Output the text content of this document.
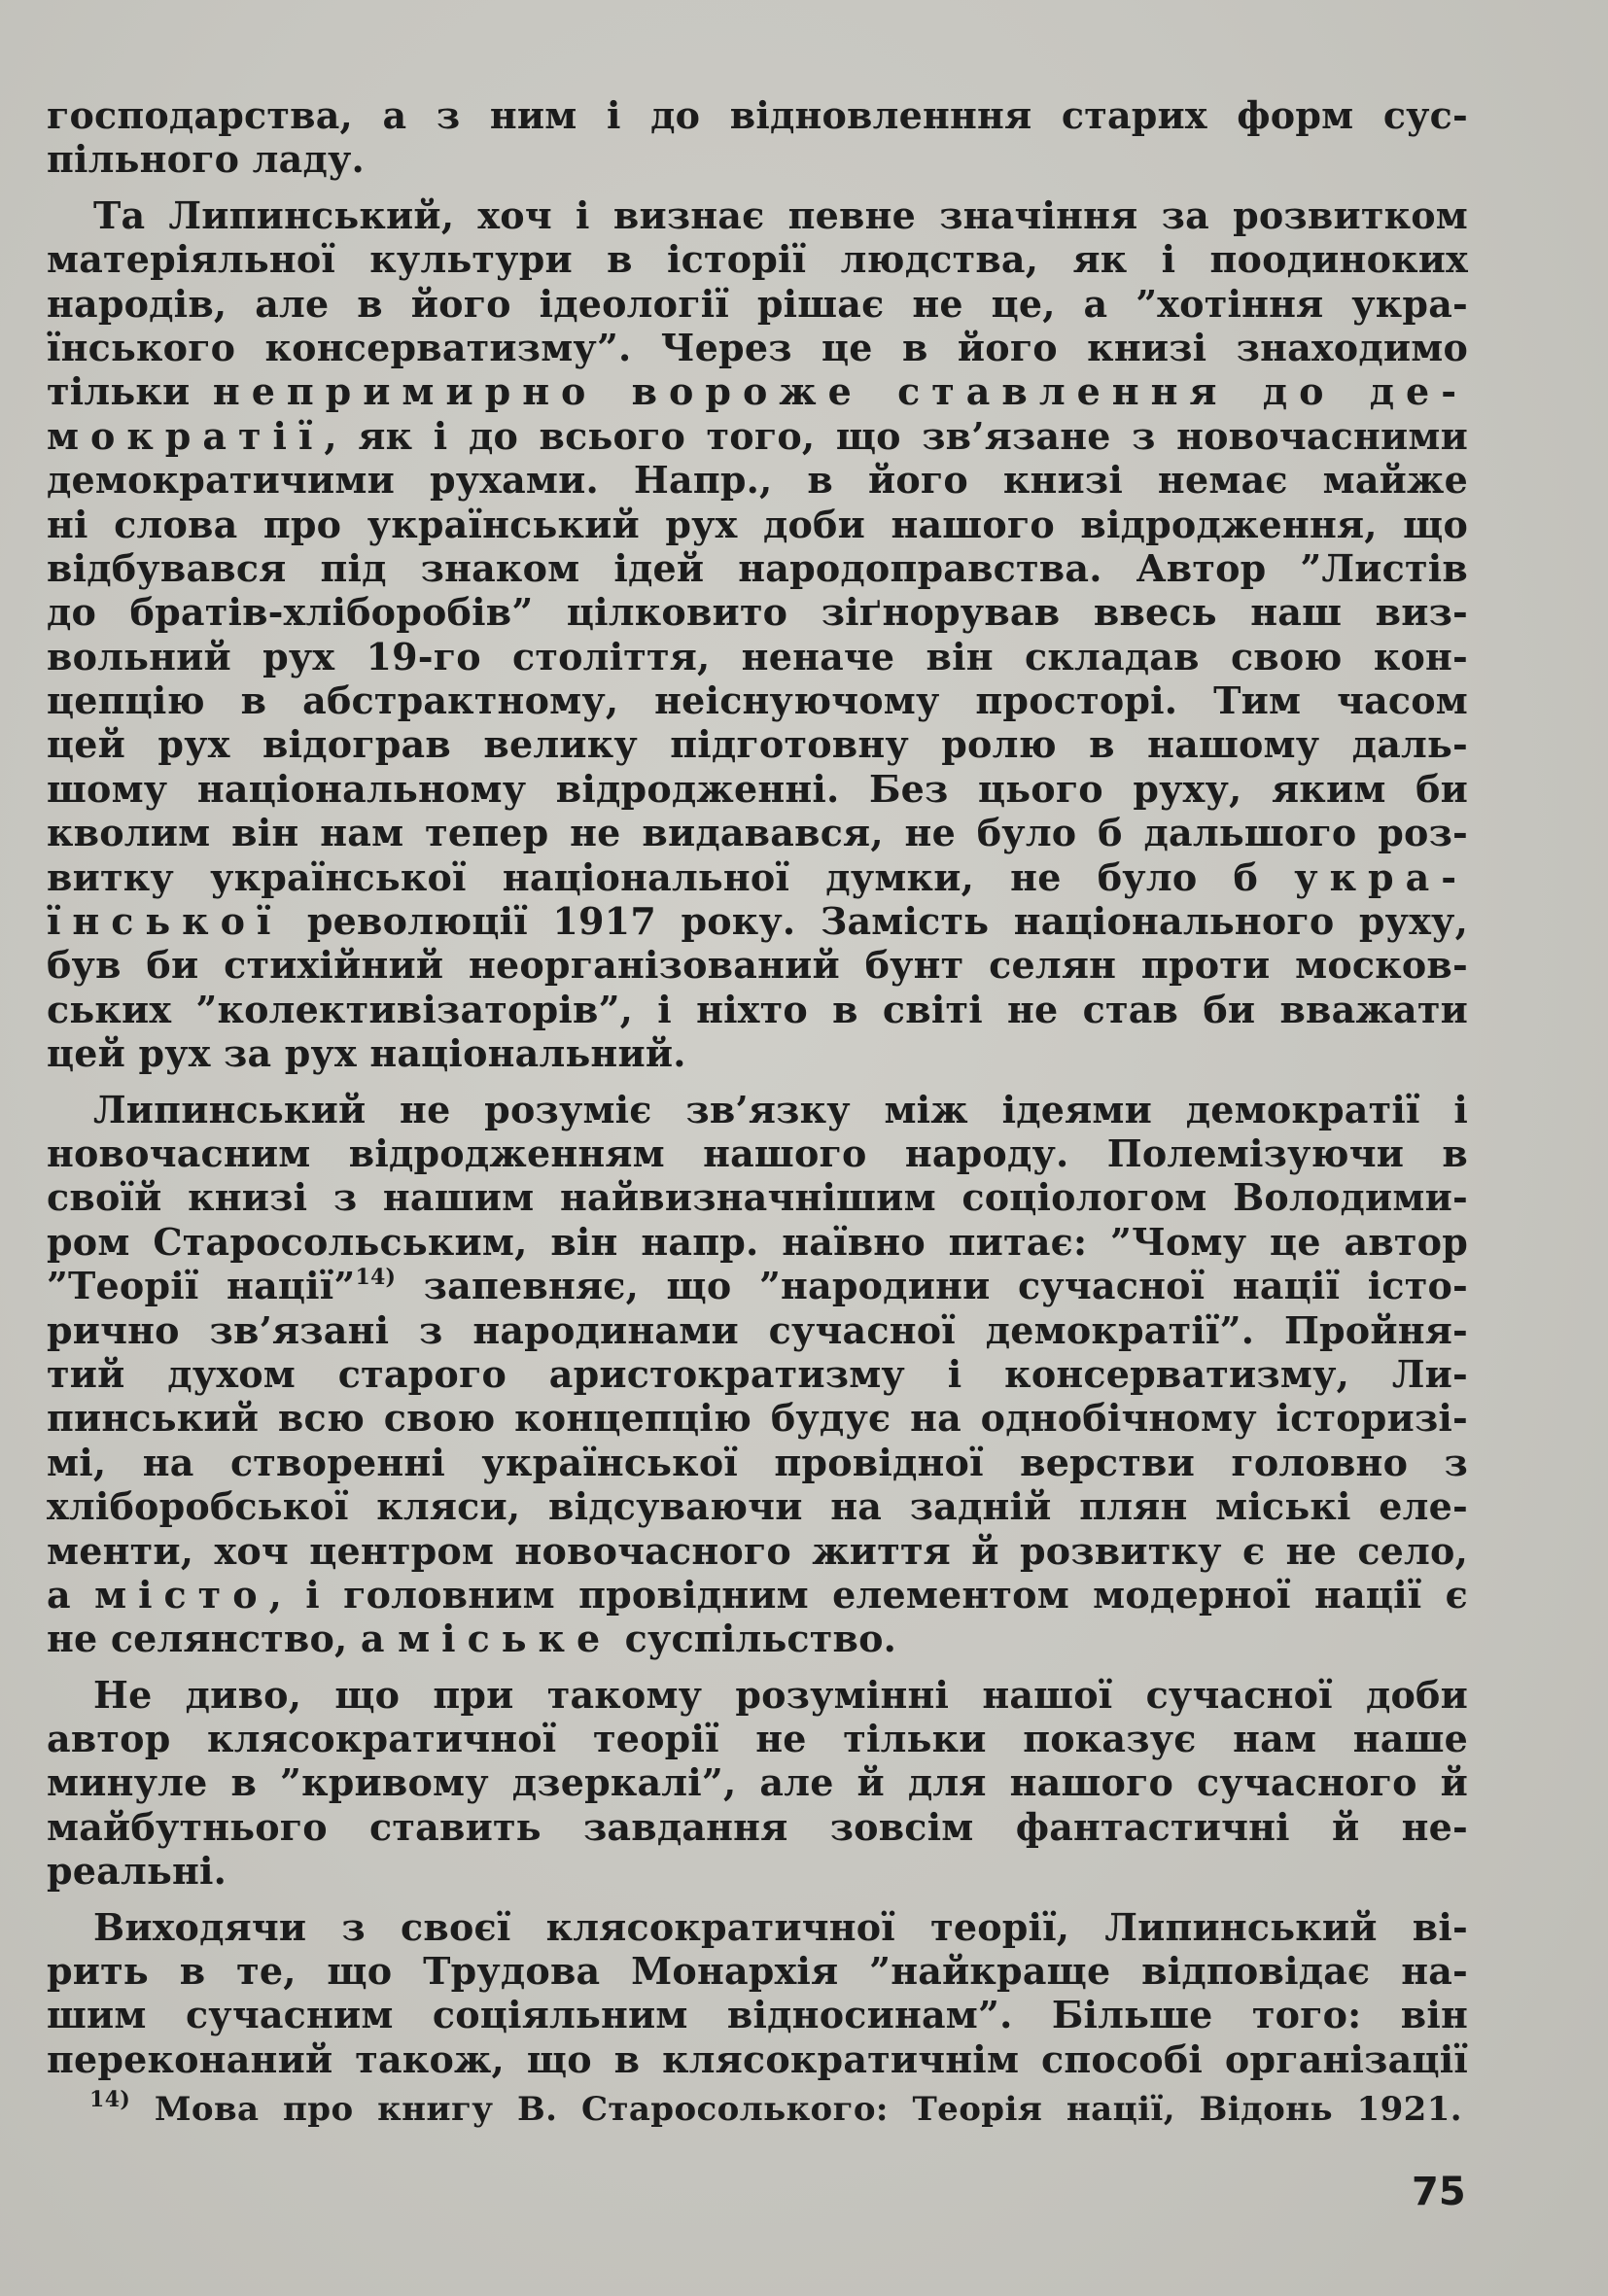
господарства, а з ним і до відновленння старих форм сус-
пільного ладу.
Та Липинський, хоч і визнає певне значіння за розвитком
матеріяльної культури в історії людства, як і поодиноких
народів, але в його ідеології рішає не це, а ”хотіння укра-
їнського консерватизму”. Через це в його книзі знаходимо
тільки непримирно вороже ставлення до де-
мократії, як і до всього того, що зв’язане з новочасними
демократичими рухами. Напр., в його книзі немає майже
ні слова про український рух доби нашого відродження, що
відбувався під знаком ідей народоправства. Автор ”Листів
до братів-хліборобів” цілковито зіґнорував ввесь наш виз-
вольний рух 19-го століття, неначе він складав свою кон-
цепцію в абстрактному, неіснуючому просторі. Тим часом
цей рух відограв велику підготовну ролю в нашому даль-
шому національному відродженні. Без цього руху, яким би
кволим він нам тепер не видавався, не було б дальшого роз-
витку української національної думки, не було б укра-
їнської революції 1917 року. Замість національного руху,
був би стихійний неорганізований бунт селян проти москов-
ських ”колективізаторів”, і ніхто в світі не став би вважати
цей рух за рух національний.
Липинський не розуміє зв’язку між ідеями демократії і
новочасним відродженням нашого народу. Полемізуючи в
своїй книзі з нашим найвизначнішим соціологом Володими-
ром Старосольським, він напр. наївно питає: ”Чому це автор
”Теорії нації”$^{14)}$ запевняє, що ”народини сучасної нації істо-
рично зв’язані з народинами сучасної демократії”. Пройня-
тий духом старого аристократизму і консерватизму, Ли-
пинський всю свою концепцію будує на однобічному історизі-
мі, на створенні української провідної верстви головно з
хліборобської кляси, відсуваючи на задній плян міські еле-
менти, хоч центром новочасного життя й розвитку є не село,
а місто, і головним провідним елементом модерної нації є
не селянство, а міське суспільство.
Не диво, що при такому розумінні нашої сучасної доби
автор клясократичної теорії не тільки показує нам наше
минуле в ”кривому дзеркалі”, але й для нашого сучасного й
майбутнього ставить завдання зовсім фантастичні й не-
реальні.
Виходячи з своєї клясократичної теорії, Липинський ві-
рить в те, що Трудова Монархія ”найкраще відповідає на-
шим сучасним соціяльним відносинам”. Більше того: він
переконаний також, що в клясократичнім способі організації
$^{14)}$ Мова про книгу В. Старосолького: Теорія нації, Відонь 1921.
75
